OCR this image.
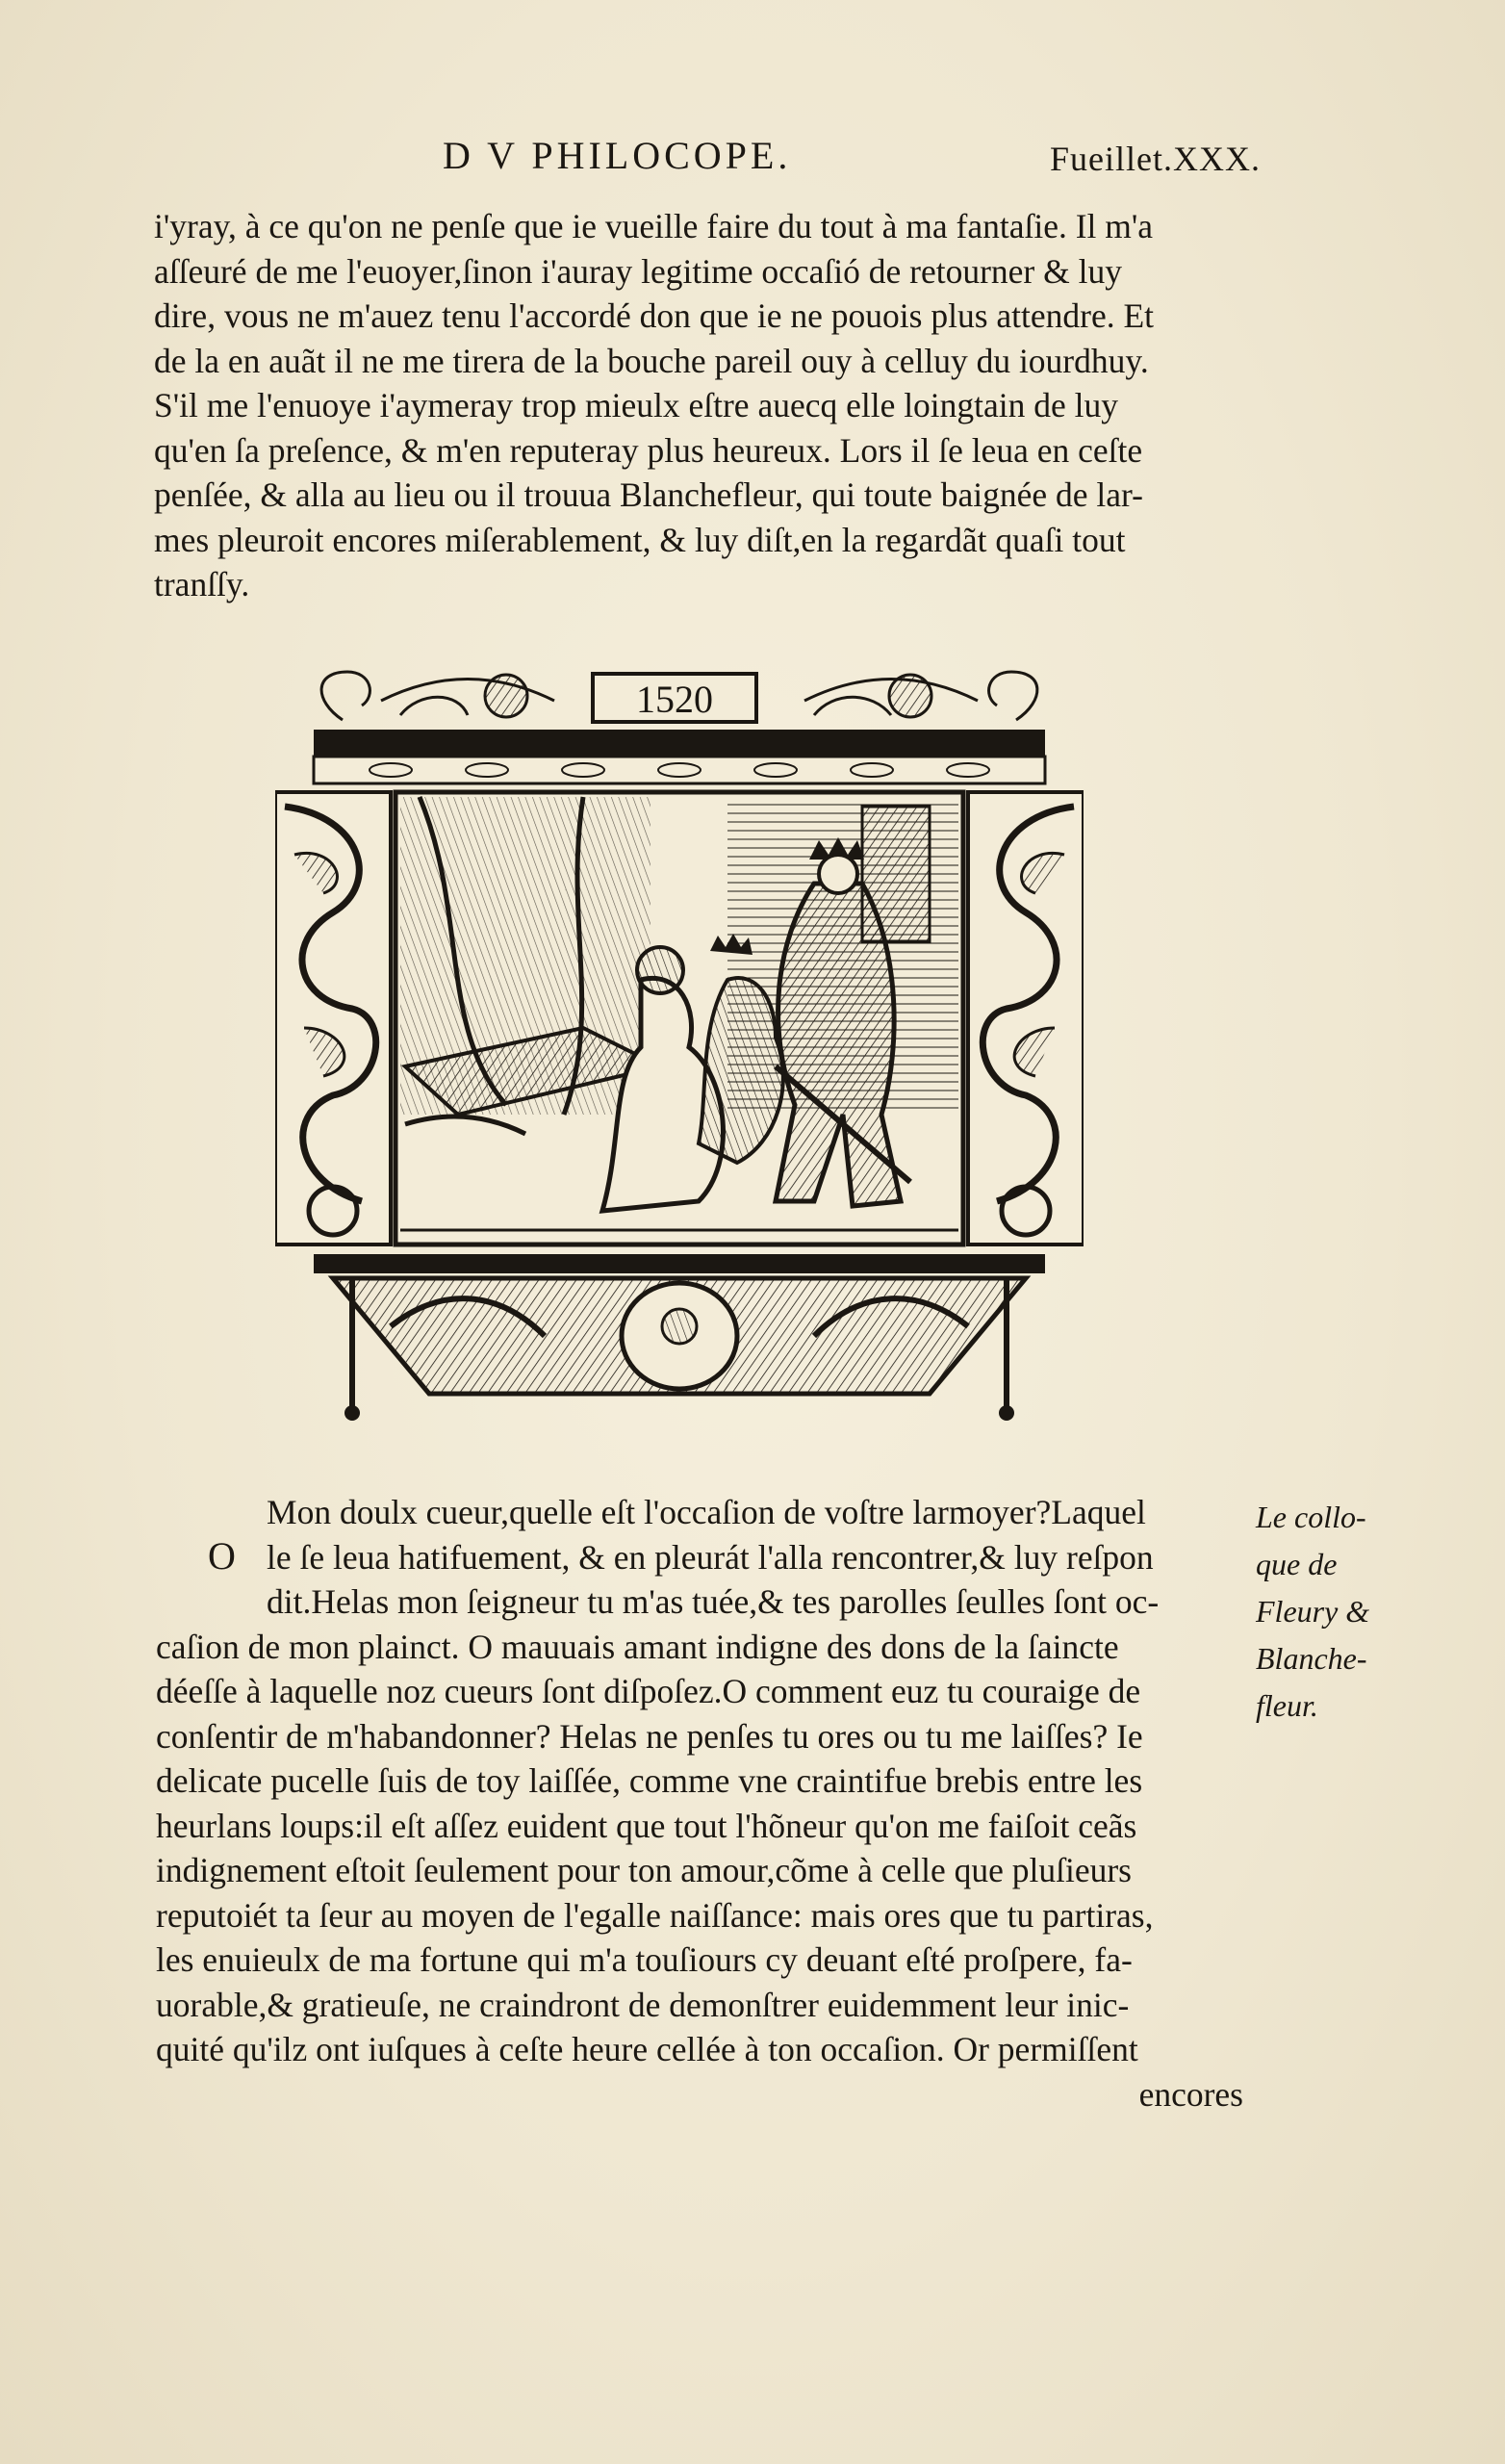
D V PHILOCOPE.	Fueillet.XXX.
i'yray, à ce qu'on ne penſe que ie vueille faire du tout à ma fantaſie. Il m'a
aſſeuré de me l'euoyer,ſinon i'auray legitime occaſió de retourner & luy
dire, vous ne m'auez tenu l'accordé don que ie ne pouois plus attendre. Et
de la en auãt il ne me tirera de la bouche pareil ouy à celluy du iourdhuy.
S'il me l'enuoye i'aymeray trop mieulx eſtre auecq elle loingtain de luy
qu'en ſa preſence, & m'en reputeray plus heureux. Lors il ſe leua en ceſte
penſée, & alla au lieu ou il trouua Blanchefleur, qui toute baignée de lar-
mes pleuroit encores miſerablement, & luy diſt,en la regardãt quaſi tout
tranſſy.
1520
O
Mon doulx cueur,quelle eſt l'occaſion de voſtre larmoyer?Laquel
le ſe leua hatifuement, & en pleurát l'alla rencontrer,& luy reſpon
dit.Helas mon ſeigneur tu m'as tuée,& tes parolles ſeulles ſont oc-
caſion de mon plainct. O mauuais amant indigne des dons de la ſaincte
déeſſe à laquelle noz cueurs ſont diſpoſez.O comment euz tu couraige de
conſentir de m'habandonner? Helas ne penſes tu ores ou tu me laiſſes? Ie
delicate pucelle ſuis de toy laiſſée, comme vne craintifue brebis entre les
heurlans loups:il eſt aſſez euident que tout l'hõneur qu'on me faiſoit ceãs
indignement eſtoit ſeulement pour ton amour,cõme à celle que pluſieurs
reputoiét ta ſeur au moyen de l'egalle naiſſance: mais ores que tu partiras,
les enuieulx de ma fortune qui m'a touſiours cy deuant eſté proſpere, fa-
uorable,& gratieuſe, ne craindront de demonſtrer euidemment leur inic-
quité qu'ilz ont iuſques à ceſte heure cellée à ton occaſion. Or permiſſent
encores
Le collo-
que de
Fleury &
Blanche-
fleur.
